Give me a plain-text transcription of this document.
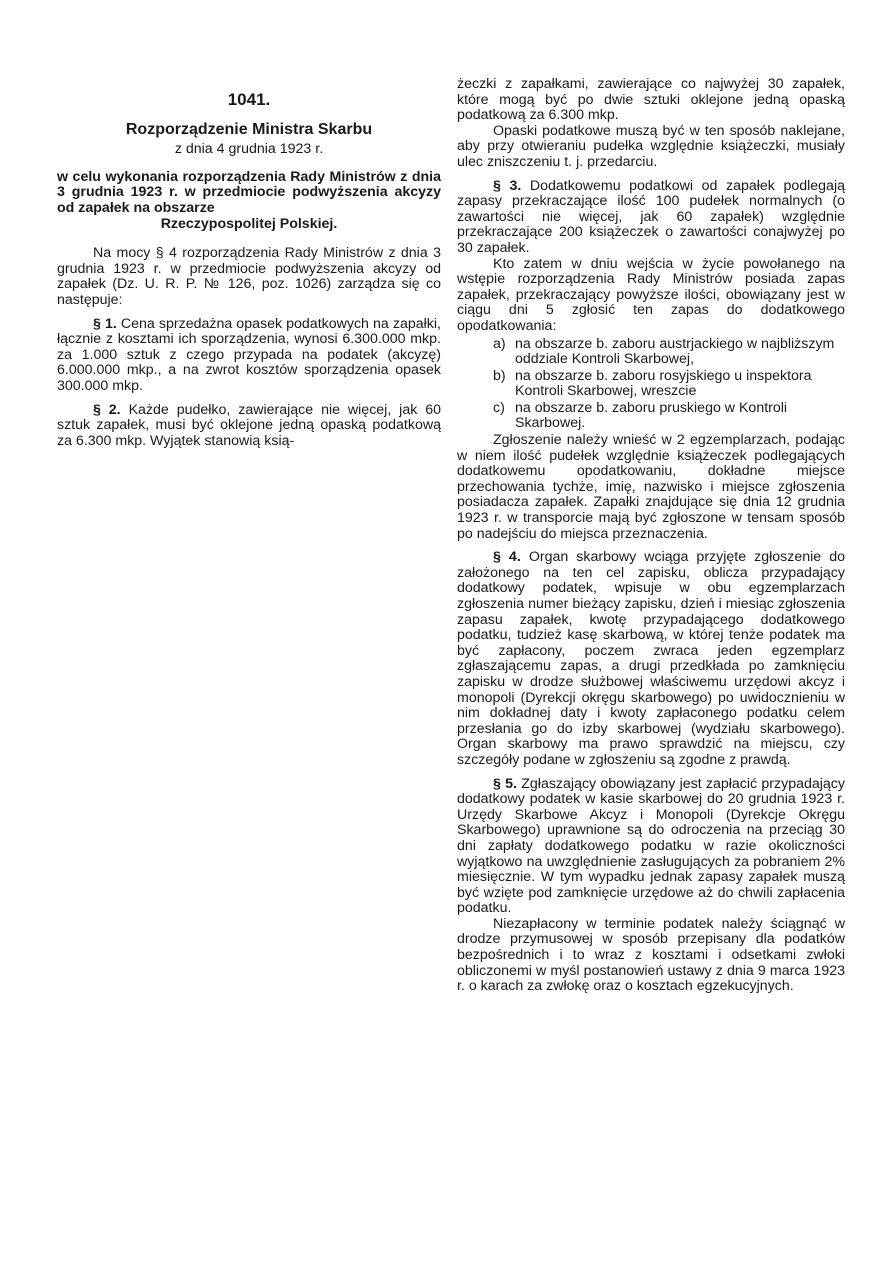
1041.

Rozporządzenie Ministra Skarbu

z dnia 4 grudnia 1923 r.

w celu wykonania rozporządzenia Rady Ministrów z dnia 3 grudnia 1923 r. w przedmiocie podwyższenia akcyzy od zapałek na obszarze
Rzeczypospolitej Polskiej.

Na mocy § 4 rozporządzenia Rady Ministrów z dnia 3 grudnia 1923 r. w przedmiocie podwyższenia akcyzy od zapałek (Dz. U. R. P. № 126, poz. 1026) zarządza się co następuje:

§ 1. Cena sprzedażna opasek podatkowych na zapałki, łącznie z kosztami ich sporządzenia, wynosi 6.300.000 mkp. za 1.000 sztuk z czego przypada na podatek (akcyzę) 6.000.000 mkp., a na zwrot kosztów sporządzenia opasek 300.000 mkp.

§ 2. Każde pudełko, zawierające nie więcej, jak 60 sztuk zapałek, musi być oklejone jedną opaską podatkową za 6.300 mkp. Wyjątek stanowią ksią-

żeczki z zapałkami, zawierające co najwyżej 30 zapałek, które mogą być po dwie sztuki oklejone jedną opaską podatkową za 6.300 mkp.

Opaski podatkowe muszą być w ten sposób naklejane, aby przy otwieraniu pudełka względnie książeczki, musiały ulec zniszczeniu t. j. przedarciu.

§ 3. Dodatkowemu podatkowi od zapałek podlegają zapasy przekraczające ilość 100 pudełek normalnych (o zawartości nie więcej, jak 60 zapałek) względnie przekraczające 200 książeczek o zawartości conajwyżej po 30 zapałek.

Kto zatem w dniu wejścia w życie powołanego na wstępie rozporządzenia Rady Ministrów posiada zapas zapałek, przekraczający powyższe ilości, obowiązany jest w ciągu dni 5 zgłosić ten zapas do dodatkowego opodatkowania:

a) na obszarze b. zaboru austrjackiego w najbliższym oddziale Kontroli Skarbowej,
b) na obszarze b. zaboru rosyjskiego u inspektora Kontroli Skarbowej, wreszcie
c) na obszarze b. zaboru pruskiego w Kontroli Skarbowej.

Zgłoszenie należy wnieść w 2 egzemplarzach, podając w niem ilość pudełek względnie książeczek podlegających dodatkowemu opodatkowaniu, dokładne miejsce przechowania tychże, imię, nazwisko i miejsce zgłoszenia posiadacza zapałek. Zapałki znajdujące się dnia 12 grudnia 1923 r. w transporcie mają być zgłoszone w tensam sposób po nadejściu do miejsca przeznaczenia.

§ 4. Organ skarbowy wciąga przyjęte zgłoszenie do założonego na ten cel zapisku, oblicza przypadający dodatkowy podatek, wpisuje w obu egzemplarzach zgłoszenia numer bieżący zapisku, dzień i miesiąc zgłoszenia zapasu zapałek, kwotę przypadającego dodatkowego podatku, tudzież kasę skarbową, w której tenże podatek ma być zapłacony, poczem zwraca jeden egzemplarz zgłaszającemu zapas, a drugi przedkłada po zamknięciu zapisku w drodze służbowej właściwemu urzędowi akcyz i monopoli (Dyrekcji okręgu skarbowego) po uwidocznieniu w nim dokładnej daty i kwoty zapłaconego podatku celem przesłania go do izby skarbowej (wydziału skarbowego). Organ skarbowy ma prawo sprawdzić na miejscu, czy szczegóły podane w zgłoszeniu są zgodne z prawdą.

§ 5. Zgłaszający obowiązany jest zapłacić przypadający dodatkowy podatek w kasie skarbowej do 20 grudnia 1923 r. Urzędy Skarbowe Akcyz i Monopoli (Dyrekcje Okręgu Skarbowego) uprawnione są do odroczenia na przeciąg 30 dni zapłaty dodatkowego podatku w razie okoliczności wyjątkowo na uwzględnienie zasługujących za pobraniem 2% miesięcznie. W tym wypadku jednak zapasy zapałek muszą być wzięte pod zamknięcie urzędowe aż do chwili zapłacenia podatku.

Niezapłacony w terminie podatek należy ściągnąć w drodze przymusowej w sposób przepisany dla podatków bezpośrednich i to wraz z kosztami i odsetkami zwłoki obliczonemi w myśl postanowień ustawy z dnia 9 marca 1923 r. o karach za zwłokę oraz o kosztach egzekucyjnych.
